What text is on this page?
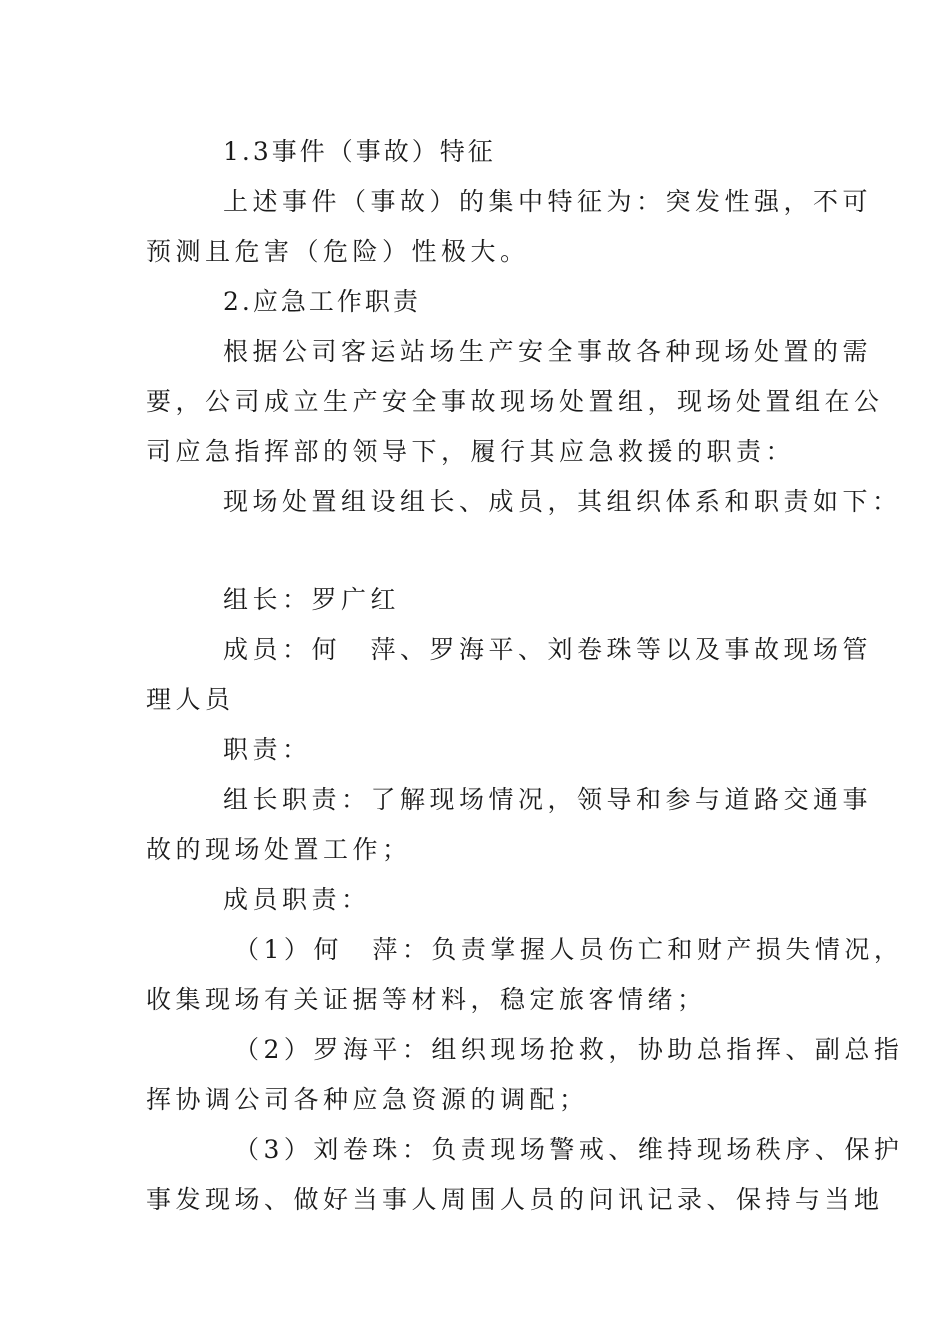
1.3事件（事故）特征
上述事件（事故）的集中特征为：突发性强，不可
预测且危害（危险）性极大。
2.应急工作职责
根据公司客运站场生产安全事故各种现场处置的需
要，公司成立生产安全事故现场处置组，现场处置组在公
司应急指挥部的领导下，履行其应急救援的职责：
现场处置组设组长、成员，其组织体系和职责如下：
组长：罗广红
成员：何　萍、罗海平、刘卷珠等以及事故现场管
理人员
职责：
组长职责：了解现场情况，领导和参与道路交通事
故的现场处置工作；
成员职责：
（1）何　萍：负责掌握人员伤亡和财产损失情况，
收集现场有关证据等材料，稳定旅客情绪；
（2）罗海平：组织现场抢救，协助总指挥、副总指
挥协调公司各种应急资源的调配；
（3）刘卷珠：负责现场警戒、维持现场秩序、保护
事发现场、做好当事人周围人员的问讯记录、保持与当地
